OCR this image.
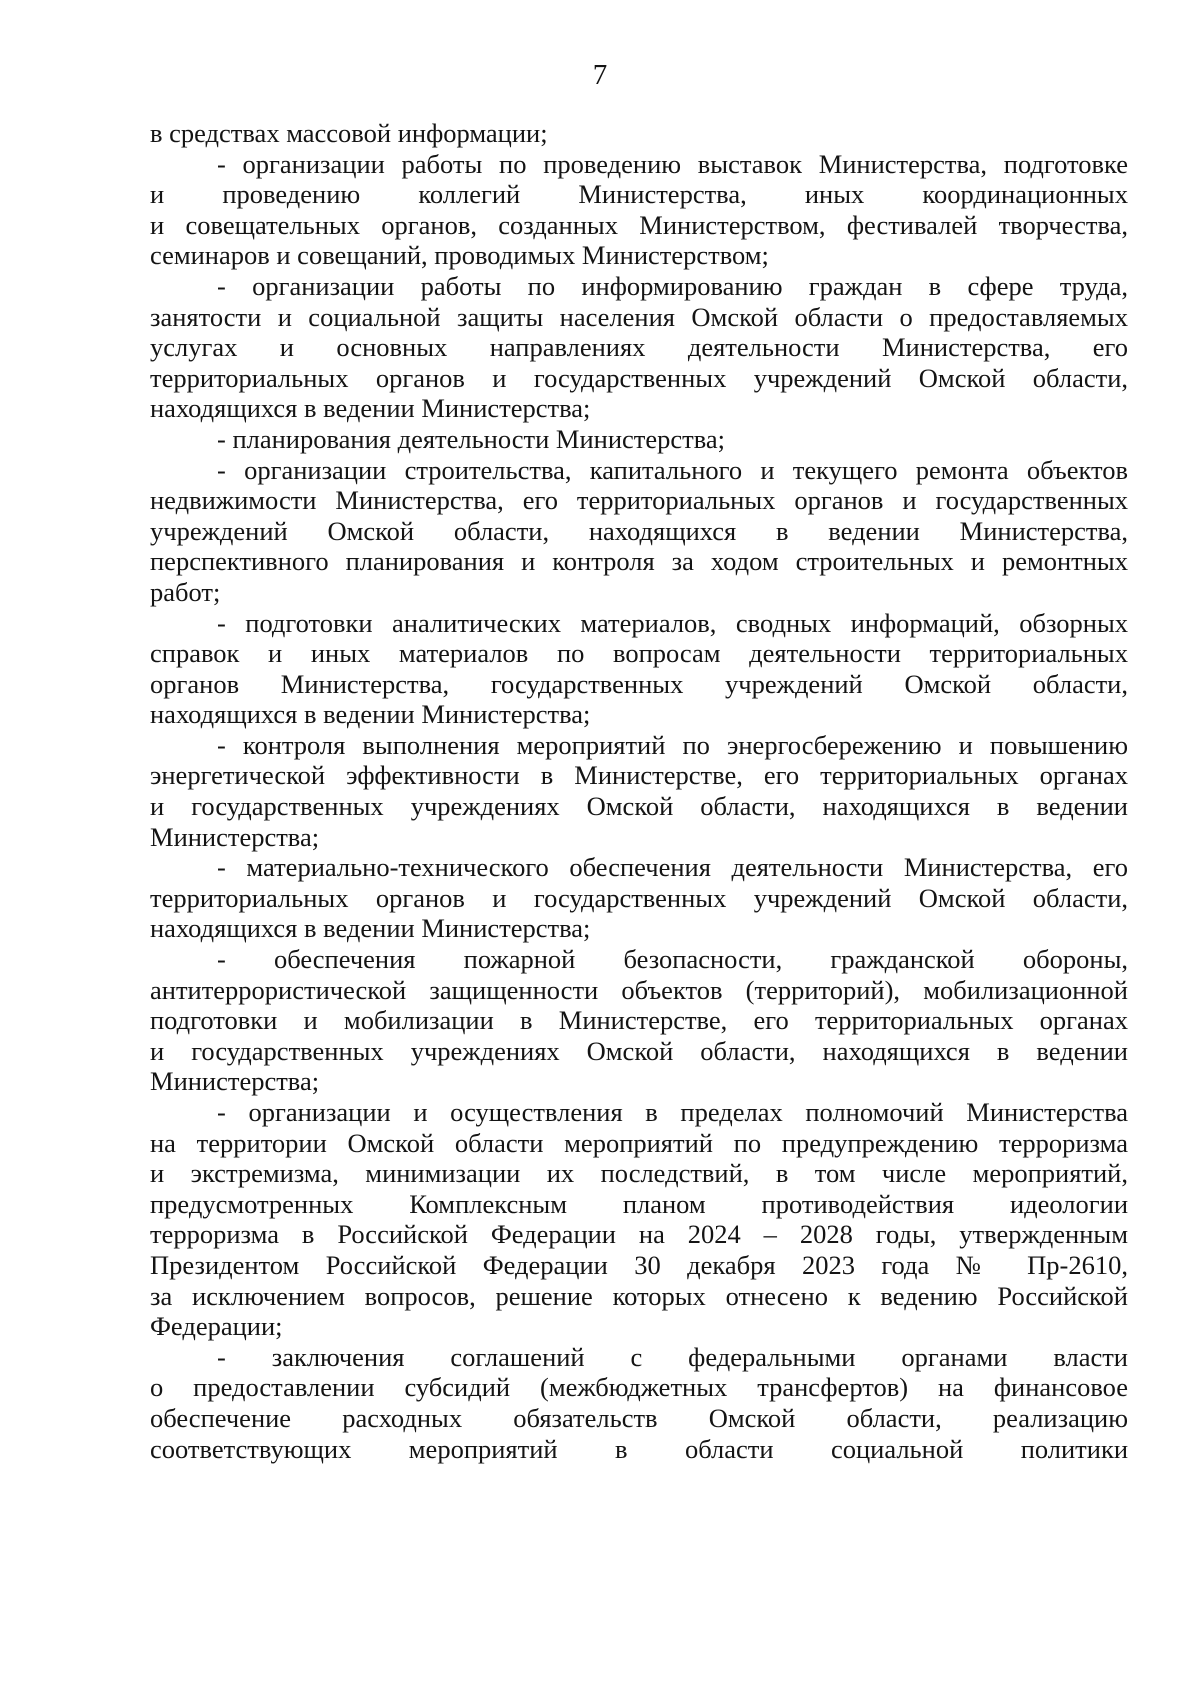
7
в средствах массовой информации;
- организации работы по проведению выставок Министерства, подготовке
и проведению коллегий Министерства, иных координационных
и совещательных органов, созданных Министерством, фестивалей творчества,
семинаров и совещаний, проводимых Министерством;
- организации работы по информированию граждан в сфере труда,
занятости и социальной защиты населения Омской области о предоставляемых
услугах и основных направлениях деятельности Министерства, его
территориальных органов и государственных учреждений Омской области,
находящихся в ведении Министерства;
- планирования деятельности Министерства;
- организации строительства, капитального и текущего ремонта объектов
недвижимости Министерства, его территориальных органов и государственных
учреждений Омской области, находящихся в ведении Министерства,
перспективного планирования и контроля за ходом строительных и ремонтных
работ;
- подготовки аналитических материалов, сводных информаций, обзорных
справок и иных материалов по вопросам деятельности территориальных
органов Министерства, государственных учреждений Омской области,
находящихся в ведении Министерства;
- контроля выполнения мероприятий по энергосбережению и повышению
энергетической эффективности в Министерстве, его территориальных органах
и государственных учреждениях Омской области, находящихся в ведении
Министерства;
- материально-технического обеспечения деятельности Министерства, его
территориальных органов и государственных учреждений Омской области,
находящихся в ведении Министерства;
- обеспечения пожарной безопасности, гражданской обороны,
антитеррористической защищенности объектов (территорий), мобилизационной
подготовки и мобилизации в Министерстве, его территориальных органах
и государственных учреждениях Омской области, находящихся в ведении
Министерства;
- организации и осуществления в пределах полномочий Министерства
на территории Омской области мероприятий по предупреждению терроризма
и экстремизма, минимизации их последствий, в том числе мероприятий,
предусмотренных Комплексным планом противодействия идеологии
терроризма в Российской Федерации на 2024 – 2028 годы, утвержденным
Президентом Российской Федерации 30 декабря 2023 года № Пр-2610,
за исключением вопросов, решение которых отнесено к ведению Российской
Федерации;
- заключения соглашений с федеральными органами власти
о предоставлении субсидий (межбюджетных трансфертов) на финансовое
обеспечение расходных обязательств Омской области, реализацию
соответствующих мероприятий в области социальной политики
